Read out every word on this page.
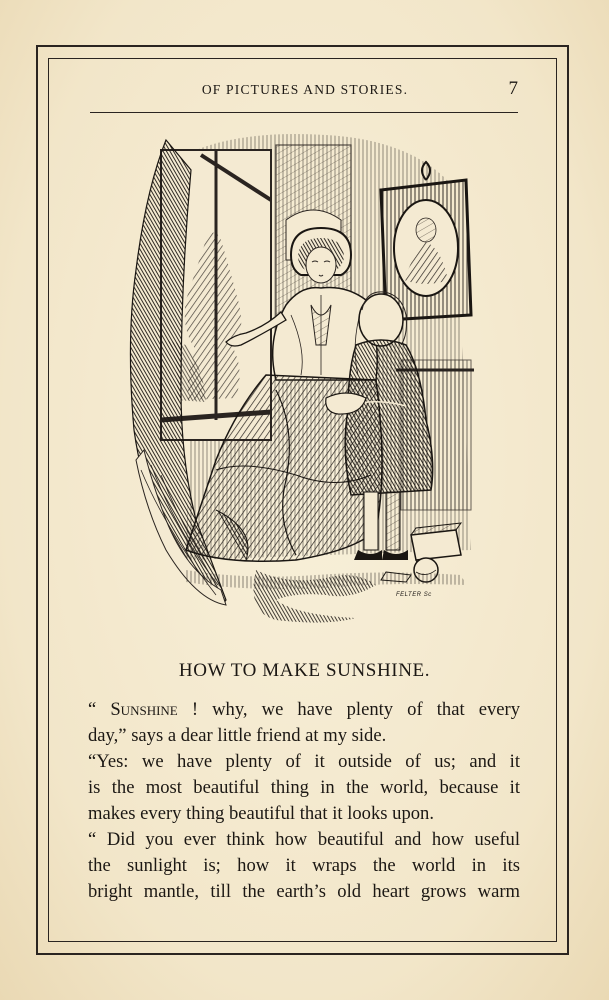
OF PICTURES AND STORIES.	7
FELTER Sc
HOW TO MAKE SUNSHINE.

“ Sunshine ! why, we have plenty of that every
day,” says a dear little friend at my side.

“Yes: we have plenty of it outside of us; and it
is the most beautiful thing in the world, because it
makes every thing beautiful that it looks upon.

“ Did you ever think how beautiful and how useful
the sunlight is; how it wraps the world in its
bright mantle, till the earth’s old heart grows warm
